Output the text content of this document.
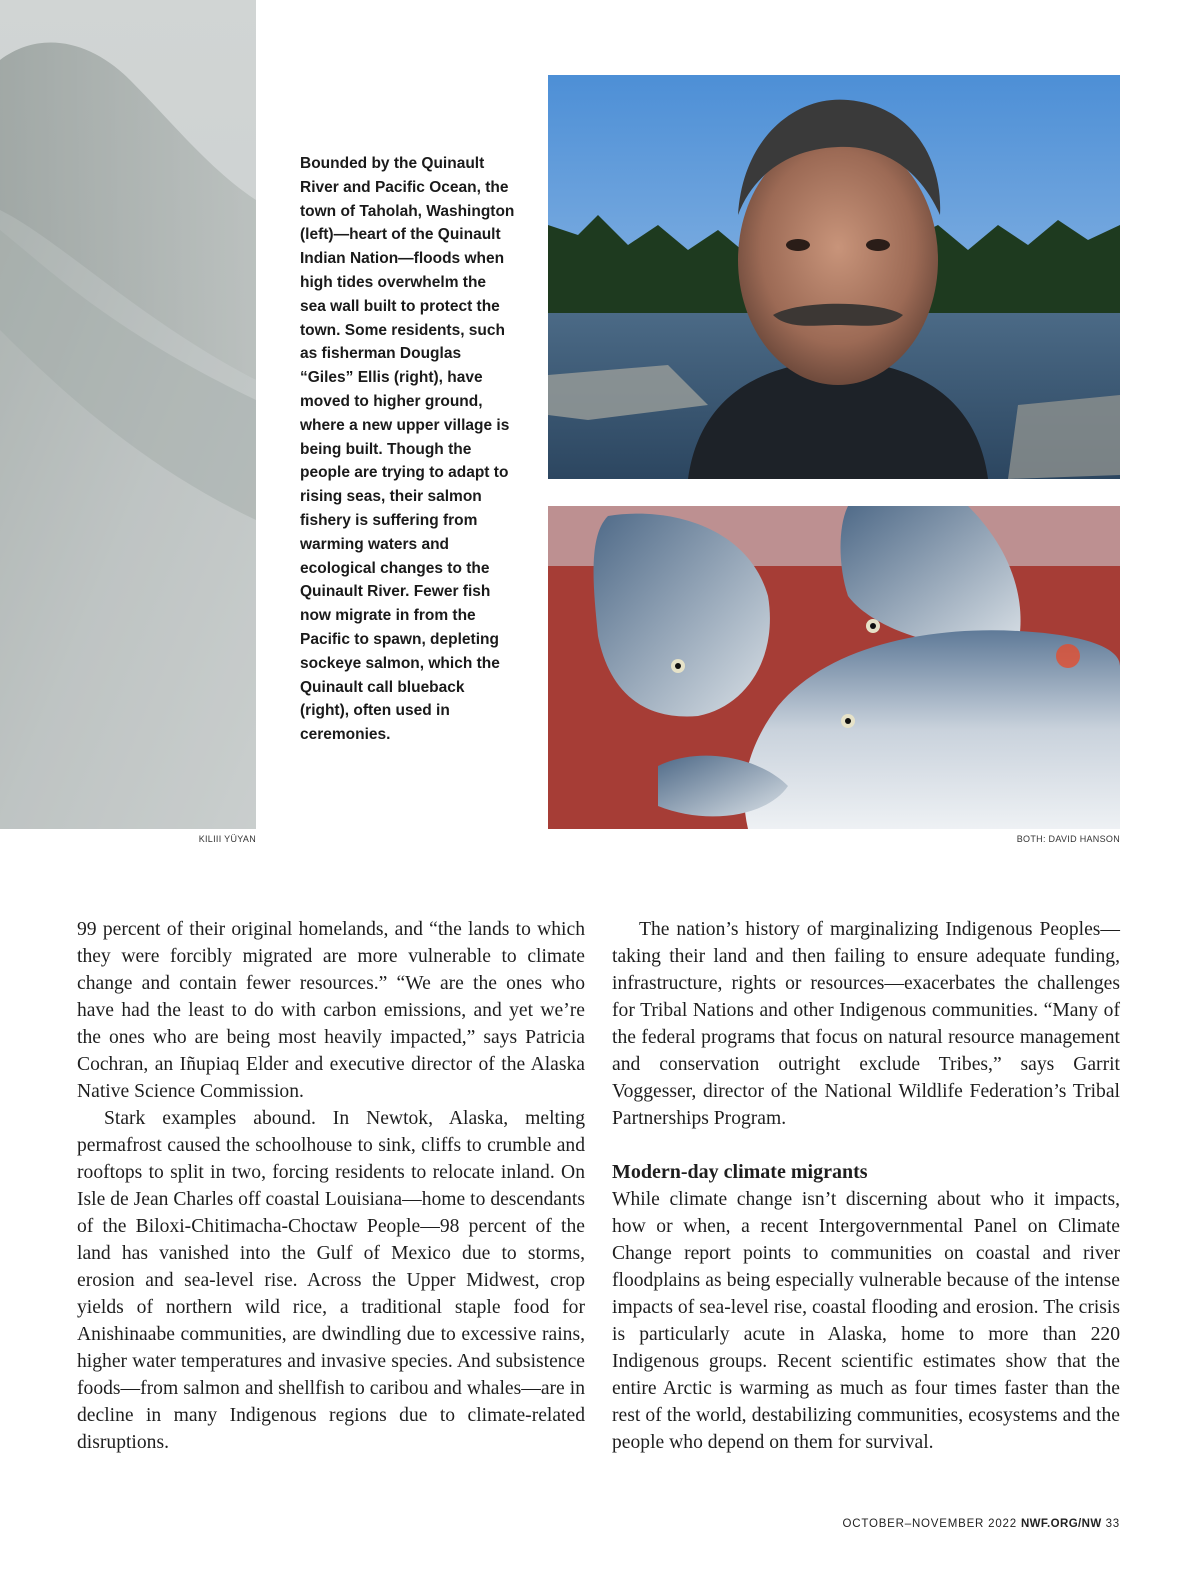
Bounded by the Quinault River and Pacific Ocean, the town of Taholah, Washington (left)—heart of the Quinault Indian Nation—floods when high tides overwhelm the sea wall built to protect the town. Some residents, such as fisherman Douglas “Giles” Ellis (right), have moved to higher ground, where a new upper village is being built. Though the people are trying to adapt to rising seas, their salmon fishery is suffering from warming waters and ecological changes to the Quinault River. Fewer fish now migrate in from the Pacific to spawn, depleting sockeye salmon, which the Quinault call blueback (right), often used in ceremonies.
KILIII YÜYAN	BOTH: DAVID HANSON

99 percent of their original homelands, and “the lands to which they were forcibly migrated are more vulnerable to climate change and contain fewer resources.” “We are the ones who have had the least to do with carbon emissions, and yet we’re the ones who are being most heavily impacted,” says Patricia Cochran, an Iñupiaq Elder and executive director of the Alaska Native Science Commission.

Stark examples abound. In Newtok, Alaska, melting permafrost caused the schoolhouse to sink, cliffs to crumble and rooftops to split in two, forcing residents to relocate inland. On Isle de Jean Charles off coastal Louisiana—home to descendants of the Biloxi-Chitimacha-Choctaw People—98 percent of the land has vanished into the Gulf of Mexico due to storms, erosion and sea-level rise. Across the Upper Midwest, crop yields of northern wild rice, a traditional staple food for Anishinaabe communities, are dwindling due to excessive rains, higher water temperatures and invasive species. And subsistence foods—from salmon and shellfish to caribou and whales—are in decline in many Indigenous regions due to climate-related disruptions.

The nation’s history of marginalizing Indigenous Peoples—taking their land and then failing to ensure adequate funding, infrastructure, rights or resources—exacerbates the challenges for Tribal Nations and other Indigenous communities. “Many of the federal programs that focus on natural resource management and conservation outright exclude Tribes,” says Garrit Voggesser, director of the National Wildlife Federation’s Tribal Partnerships Program.

Modern-day climate migrants

While climate change isn’t discerning about who it impacts, how or when, a recent Intergovernmental Panel on Climate Change report points to communities on coastal and river floodplains as being especially vulnerable because of the intense impacts of sea-level rise, coastal flooding and erosion. The crisis is particularly acute in Alaska, home to more than 220 Indigenous groups. Recent scientific estimates show that the entire Arctic is warming as much as four times faster than the rest of the world, destabilizing communities, ecosystems and the people who depend on them for survival.

OCTOBER–NOVEMBER 2022 NWF.ORG/NW 33
